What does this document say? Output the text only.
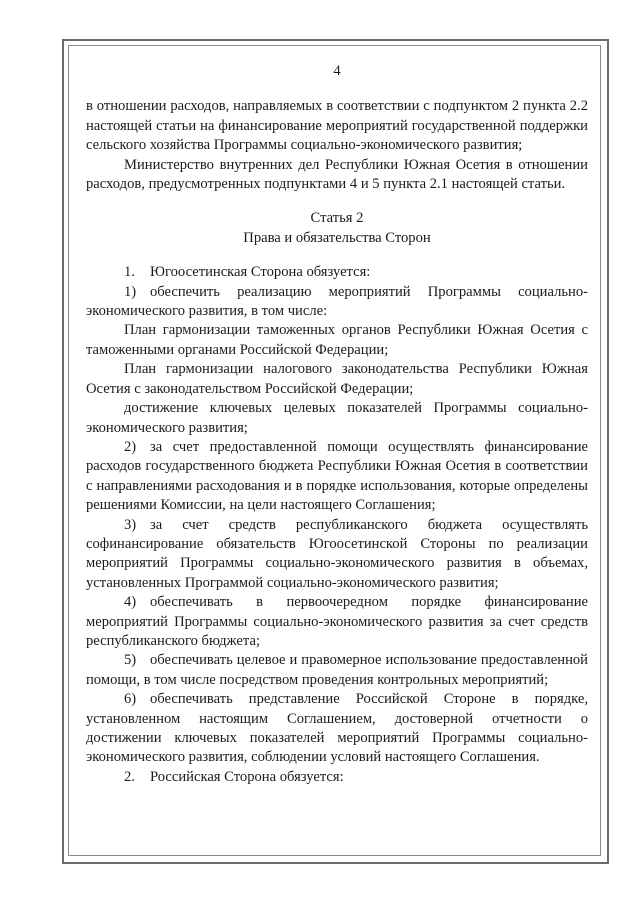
4

в отношении расходов, направляемых в соответствии с подпунктом 2 пункта 2.2 настоящей статьи на финансирование мероприятий государственной поддержки сельского хозяйства Программы социально-экономического развития;

Министерство внутренних дел Республики Южная Осетия в отношении расходов, предусмотренных подпунктами 4 и 5 пункта 2.1 настоящей статьи.

Статья 2

Права и обязательства Сторон

1. Югоосетинская Сторона обязуется:

1) обеспечить реализацию мероприятий Программы социально-экономического развития, в том числе:

План гармонизации таможенных органов Республики Южная Осетия с таможенными органами Российской Федерации;

План гармонизации налогового законодательства Республики Южная Осетия с законодательством Российской Федерации;

достижение ключевых целевых показателей Программы социально-экономического развития;

2) за счет предоставленной помощи осуществлять финансирование расходов государственного бюджета Республики Южная Осетия в соответствии с направлениями расходования и в порядке использования, которые определены решениями Комиссии, на цели настоящего Соглашения;

3) за счет средств республиканского бюджета осуществлять софинансирование обязательств Югоосетинской Стороны по реализации мероприятий Программы социально-экономического развития в объемах, установленных Программой социально-экономического развития;

4) обеспечивать в первоочередном порядке финансирование мероприятий Программы социально-экономического развития за счет средств республиканского бюджета;

5) обеспечивать целевое и правомерное использование предоставленной помощи, в том числе посредством проведения контрольных мероприятий;

6) обеспечивать представление Российской Стороне в порядке, установленном настоящим Соглашением, достоверной отчетности о достижении ключевых показателей мероприятий Программы социально-экономического развития, соблюдении условий настоящего Соглашения.

2. Российская Сторона обязуется:
